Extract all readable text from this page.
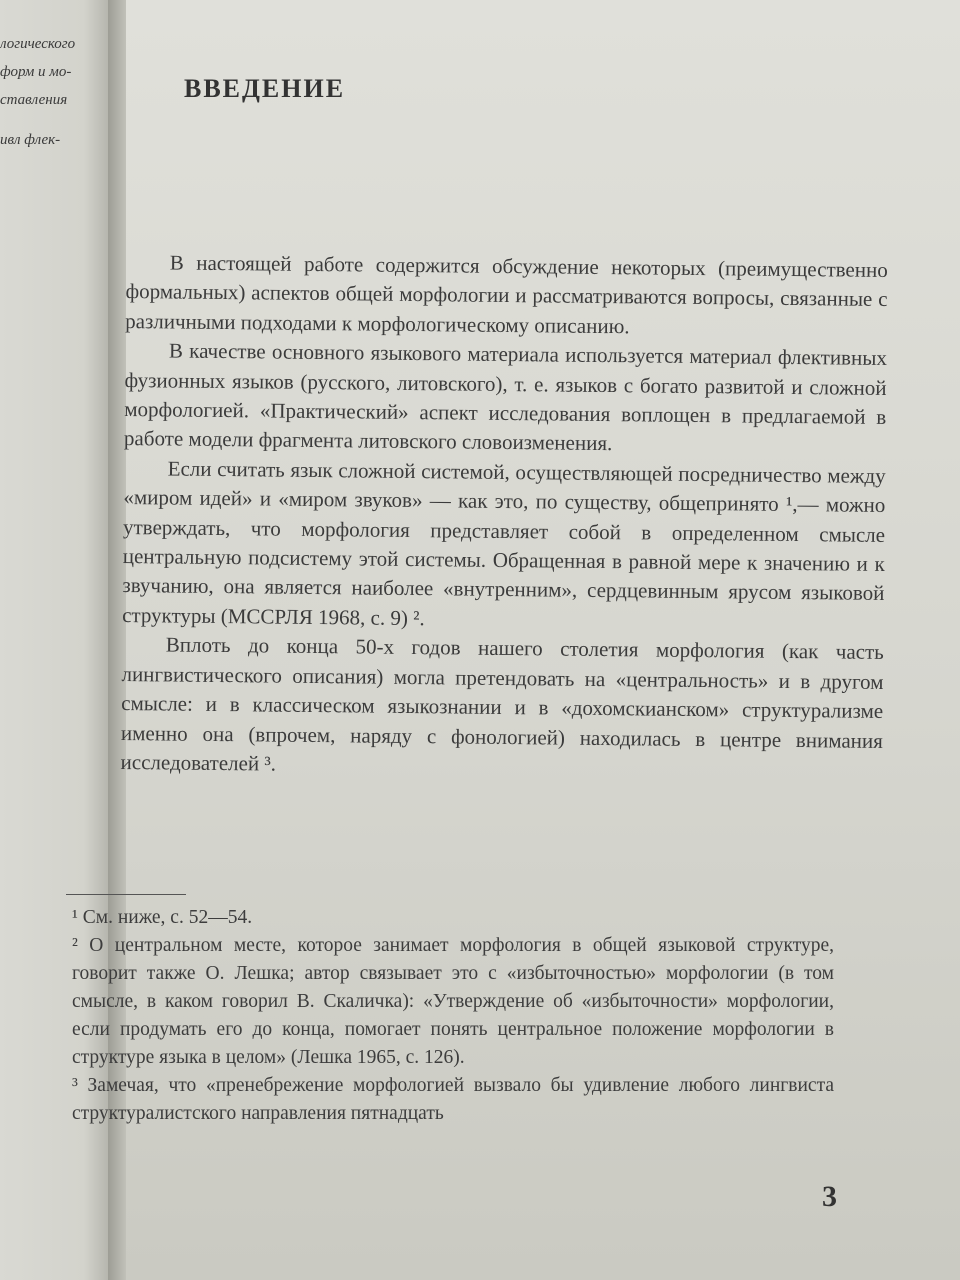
логического
форм и мо-
ставления
ивл флек-
ВВЕДЕНИЕ

В настоящей работе содержится обсуждение некоторых (преимущественно формальных) аспектов общей морфологии и рассматриваются вопросы, связанные с различными подходами к морфологическому описанию.

В качестве основного языкового материала используется материал флективных фузионных языков (русского, литовского), т. е. языков с богато развитой и сложной морфологией. «Практический» аспект исследования воплощен в предлагаемой в работе модели фрагмента литовского словоизменения.

Если считать язык сложной системой, осуществляющей посредничество между «миром идей» и «миром звуков» — как это, по существу, общепринято ¹,— можно утверждать, что морфология представляет собой в определенном смысле центральную подсистему этой системы. Обращенная в равной мере к значению и к звучанию, она является наиболее «внутренним», сердцевинным ярусом языковой структуры (МССРЛЯ 1968, с. 9) ².

Вплоть до конца 50-х годов нашего столетия морфология (как часть лингвистического описания) могла претендовать на «центральность» и в другом смысле: и в классическом языкознании и в «дохомскианском» структурализме именно она (впрочем, наряду с фонологией) находилась в центре внимания исследователей ³.

¹ См. ниже, с. 52—54.

² О центральном месте, которое занимает морфология в общей языковой структуре, говорит также О. Лешка; автор связывает это с «избыточностью» морфологии (в том смысле, в каком говорил В. Скаличка): «Утверждение об «избыточности» морфологии, если продумать его до конца, помогает понять центральное положение морфологии в структуре языка в целом» (Лешка 1965, с. 126).

³ Замечая, что «пренебрежение морфологией вызвало бы удивление любого лингвиста структуралистского направления пятнадцать

3
